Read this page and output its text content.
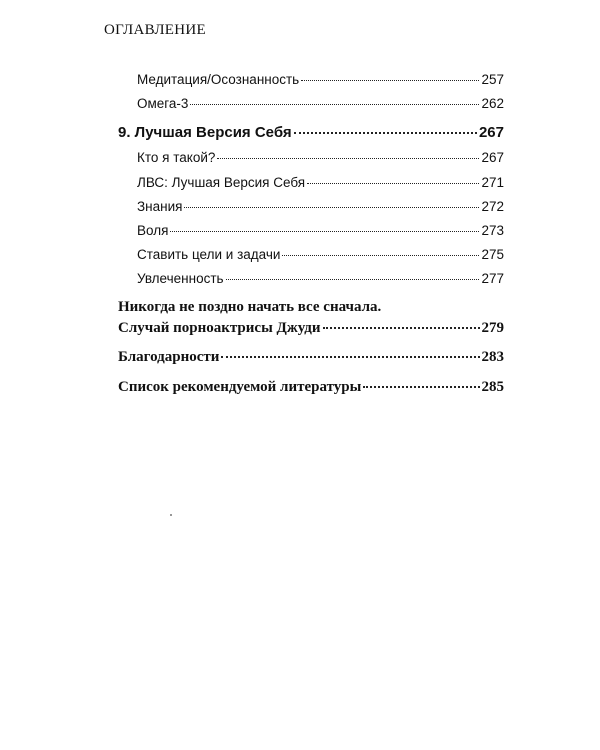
ОГЛАВЛЕНИЕ
Медитация/Осознанность	257
Омега-3	262
9. Лучшая Версия Себя	267
Кто я такой?	267
ЛВС: Лучшая Версия Себя	271
Знания	272
Воля	273
Ставить цели и задачи	275
Увлеченность	277
Никогда не поздно начать все сначала.
Случай порноактрисы Джуди	279
Благодарности	283
Список рекомендуемой литературы	285
